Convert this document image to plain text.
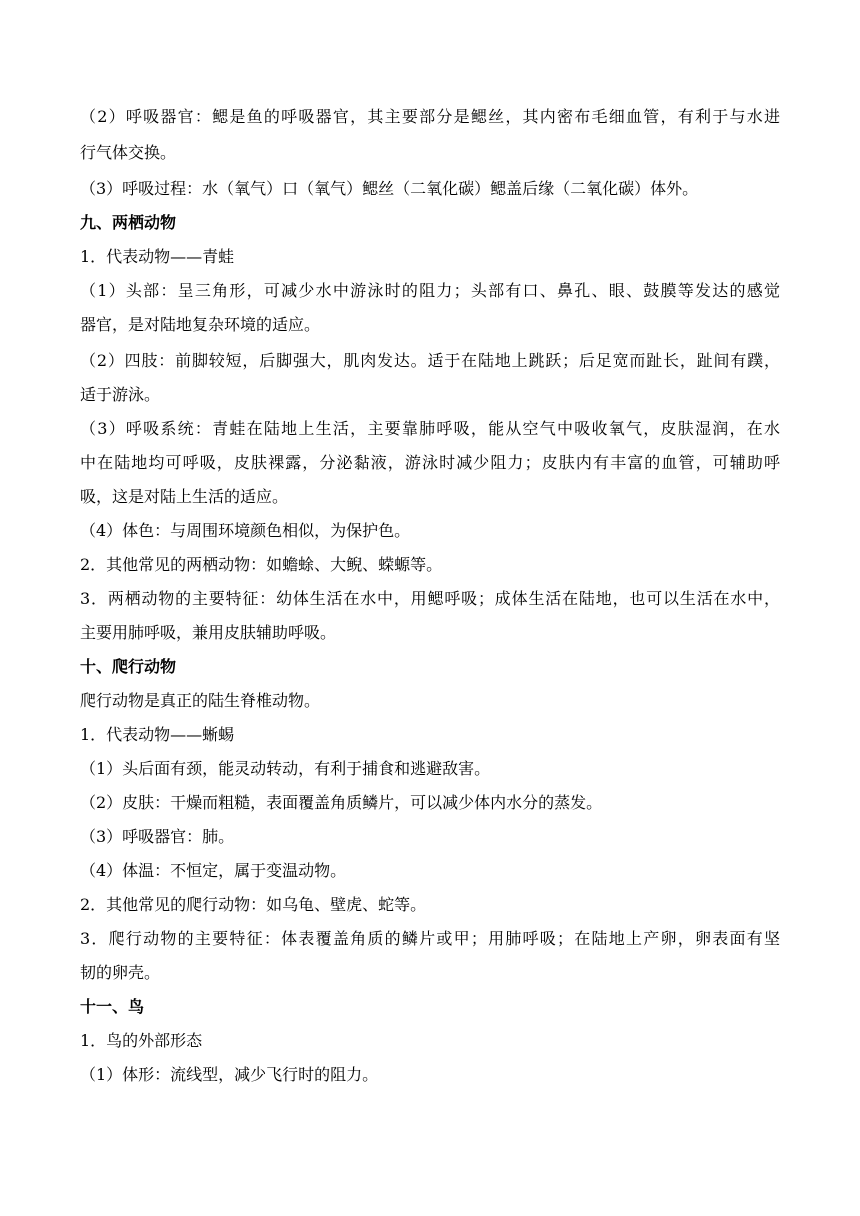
（2）呼吸器官：鳃是鱼的呼吸器官，其主要部分是鳃丝，其内密布毛细血管，有利于与水进
行气体交换。
（3）呼吸过程：水（氧气）口（氧气）鳃丝（二氧化碳）鳃盖后缘（二氧化碳）体外。
九、两栖动物
1．代表动物——青蛙
（1）头部：呈三角形，可减少水中游泳时的阻力；头部有口、鼻孔、眼、鼓膜等发达的感觉
器官，是对陆地复杂环境的适应。
（2）四肢：前脚较短，后脚强大，肌肉发达。适于在陆地上跳跃；后足宽而趾长，趾间有蹼，
适于游泳。
（3）呼吸系统：青蛙在陆地上生活，主要靠肺呼吸，能从空气中吸收氧气，皮肤湿润，在水
中在陆地均可呼吸，皮肤裸露，分泌黏液，游泳时减少阻力；皮肤内有丰富的血管，可辅助呼
吸，这是对陆上生活的适应。
（4）体色：与周围环境颜色相似，为保护色。
2．其他常见的两栖动物：如蟾蜍、大鲵、蝾螈等。
3．两栖动物的主要特征：幼体生活在水中，用鳃呼吸；成体生活在陆地，也可以生活在水中，
主要用肺呼吸，兼用皮肤辅助呼吸。
十、爬行动物
爬行动物是真正的陆生脊椎动物。
1．代表动物——蜥蜴
（1）头后面有颈，能灵动转动，有利于捕食和逃避敌害。
（2）皮肤：干燥而粗糙，表面覆盖角质鳞片，可以减少体内水分的蒸发。
（3）呼吸器官：肺。
（4）体温：不恒定，属于变温动物。
2．其他常见的爬行动物：如乌龟、壁虎、蛇等。
3．爬行动物的主要特征：体表覆盖角质的鳞片或甲；用肺呼吸；在陆地上产卵，卵表面有坚
韧的卵壳。
十一、鸟
1．鸟的外部形态
（1）体形：流线型，减少飞行时的阻力。
